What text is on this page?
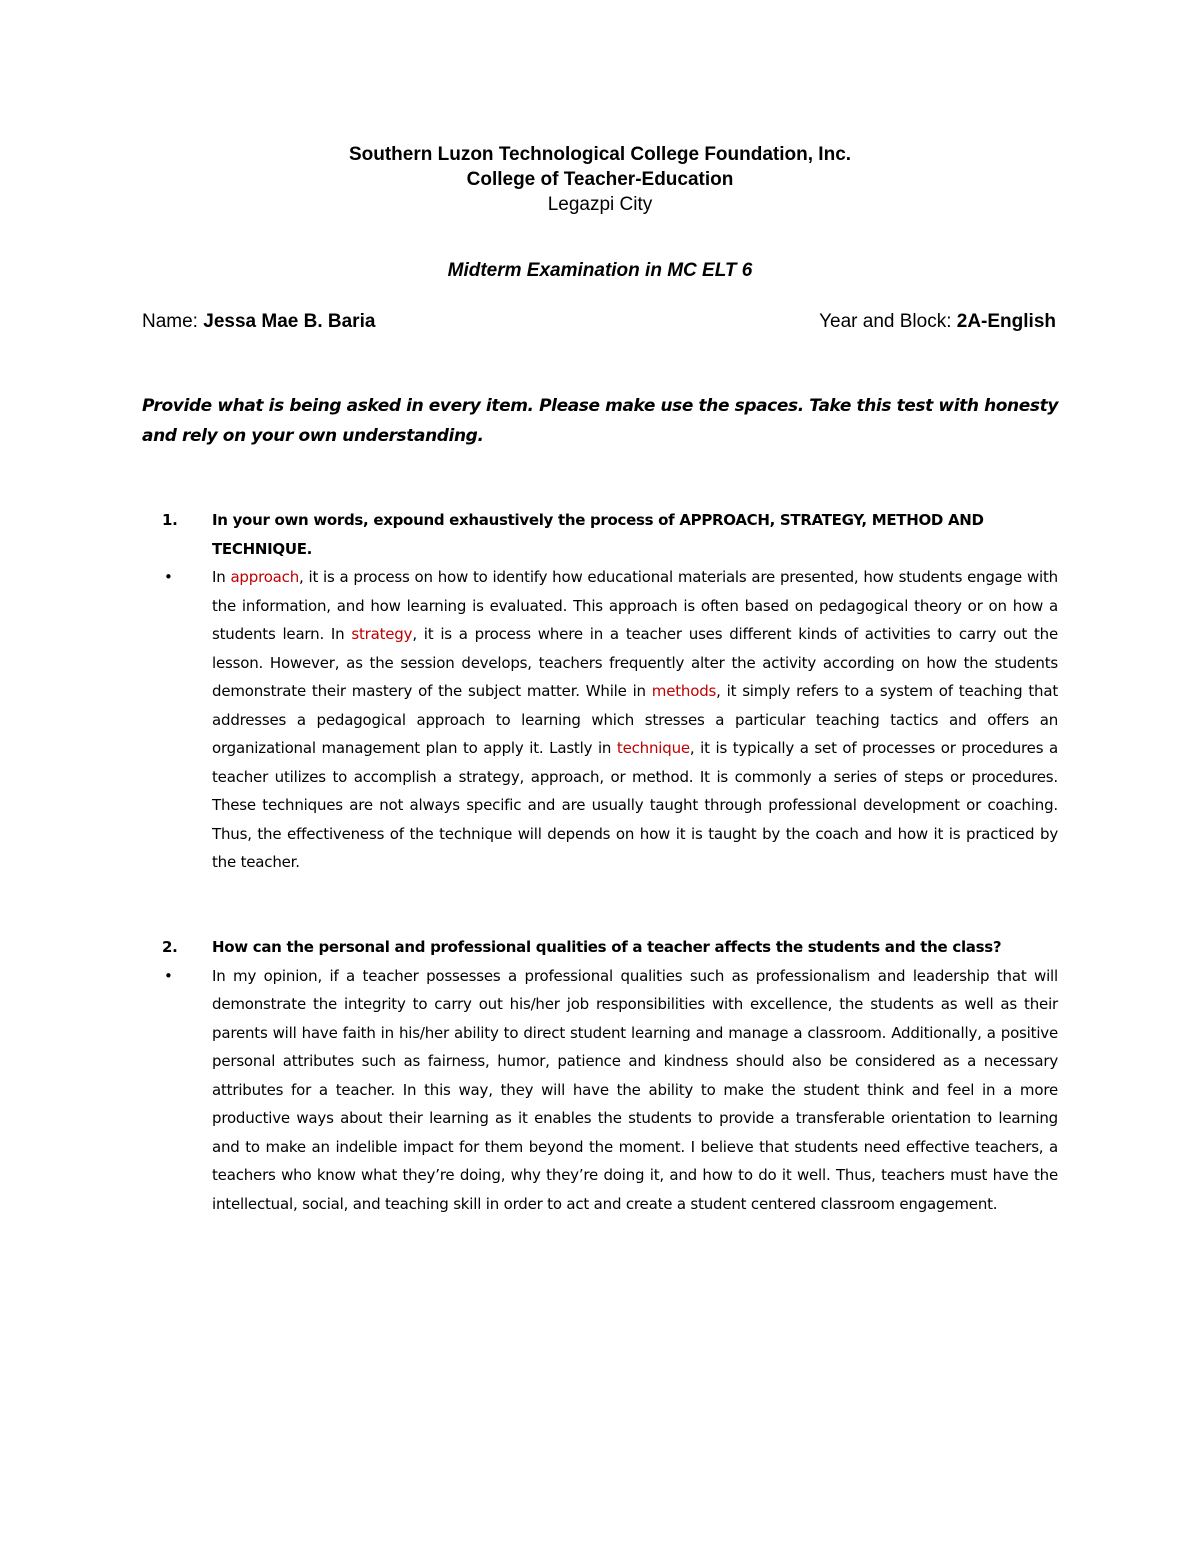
Southern Luzon Technological College Foundation, Inc.
College of Teacher-Education
Legazpi City
Midterm Examination in MC ELT 6
Name: Jessa Mae B. Baria	Year and Block: 2A-English
Provide what is being asked in every item. Please make use the spaces. Take this test with honesty and rely on your own understanding.
1. In your own words, expound exhaustively the process of APPROACH, STRATEGY, METHOD AND TECHNIQUE.
•	In approach, it is a process on how to identify how educational materials are presented, how students engage with the information, and how learning is evaluated. This approach is often based on pedagogical theory or on how a students learn. In strategy, it is a process where in a teacher uses different kinds of activities to carry out the lesson. However, as the session develops, teachers frequently alter the activity according on how the students demonstrate their mastery of the subject matter. While in methods, it simply refers to a system of teaching that addresses a pedagogical approach to learning which stresses a particular teaching tactics and offers an organizational management plan to apply it. Lastly in technique, it is typically a set of processes or procedures a teacher utilizes to accomplish a strategy, approach, or method. It is commonly a series of steps or procedures. These techniques are not always specific and are usually taught through professional development or coaching. Thus, the effectiveness of the technique will depends on how it is taught by the coach and how it is practiced by the teacher.
2. How can the personal and professional qualities of a teacher affects the students and the class?
•	In my opinion, if a teacher possesses a professional qualities such as professionalism and leadership that will demonstrate the integrity to carry out his/her job responsibilities with excellence, the students as well as their parents will have faith in his/her ability to direct student learning and manage a classroom. Additionally, a positive personal attributes such as fairness, humor, patience and kindness should also be considered as a necessary attributes for a teacher. In this way, they will have the ability to make the student think and feel in a more productive ways about their learning as it enables the students to provide a transferable orientation to learning and to make an indelible impact for them beyond the moment. I believe that students need effective teachers, a teachers who know what they’re doing, why they’re doing it, and how to do it well. Thus, teachers must have the intellectual, social, and teaching skill in order to act and create a student centered classroom engagement.
